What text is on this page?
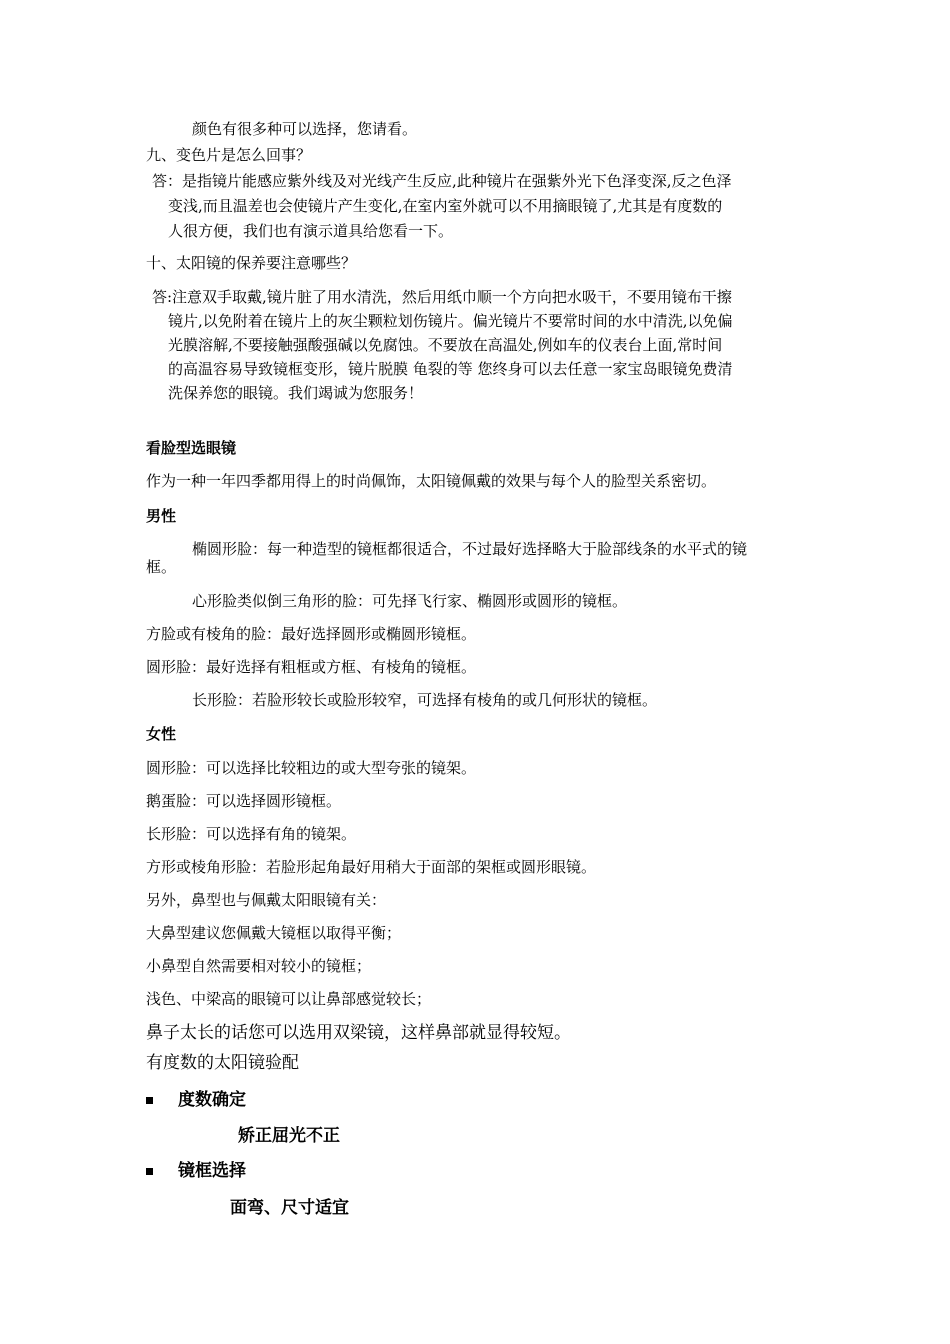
颜色有很多种可以选择，您请看。
九、变色片是怎么回事？
答：是指镜片能感应紫外线及对光线产生反应,此种镜片在强紫外光下色泽变深,反之色泽
变浅,而且温差也会使镜片产生变化,在室内室外就可以不用摘眼镜了,尤其是有度数的
人很方便，我们也有演示道具给您看一下。
十、太阳镜的保养要注意哪些？
答:注意双手取戴,镜片脏了用水清洗，然后用纸巾顺一个方向把水吸干，不要用镜布干擦
镜片,以免附着在镜片上的灰尘颗粒划伤镜片。偏光镜片不要常时间的水中清洗,以免偏
光膜溶解,不要接触强酸强碱以免腐蚀。不要放在高温处,例如车的仪表台上面,常时间
的高温容易导致镜框变形，镜片脱膜 龟裂的等 您终身可以去任意一家宝岛眼镜免费清
洗保养您的眼镜。我们竭诚为您服务！
看脸型选眼镜
作为一种一年四季都用得上的时尚佩饰，太阳镜佩戴的效果与每个人的脸型关系密切。
男性
椭圆形脸：每一种造型的镜框都很适合，不过最好选择略大于脸部线条的水平式的镜
框。
心形脸类似倒三角形的脸：可先择飞行家、椭圆形或圆形的镜框。
方脸或有棱角的脸：最好选择圆形或椭圆形镜框。
圆形脸：最好选择有粗框或方框、有棱角的镜框。
长形脸：若脸形较长或脸形较窄，可选择有棱角的或几何形状的镜框。
女性
圆形脸：可以选择比较粗边的或大型夸张的镜架。
鹅蛋脸：可以选择圆形镜框。
长形脸：可以选择有角的镜架。
方形或棱角形脸：若脸形起角最好用稍大于面部的架框或圆形眼镜。
另外，鼻型也与佩戴太阳眼镜有关：
大鼻型建议您佩戴大镜框以取得平衡；
小鼻型自然需要相对较小的镜框；
浅色、中梁高的眼镜可以让鼻部感觉较长；
鼻子太长的话您可以选用双梁镜，这样鼻部就显得较短。
有度数的太阳镜验配
度数确定
矫正屈光不正
镜框选择
面弯、尺寸适宜
